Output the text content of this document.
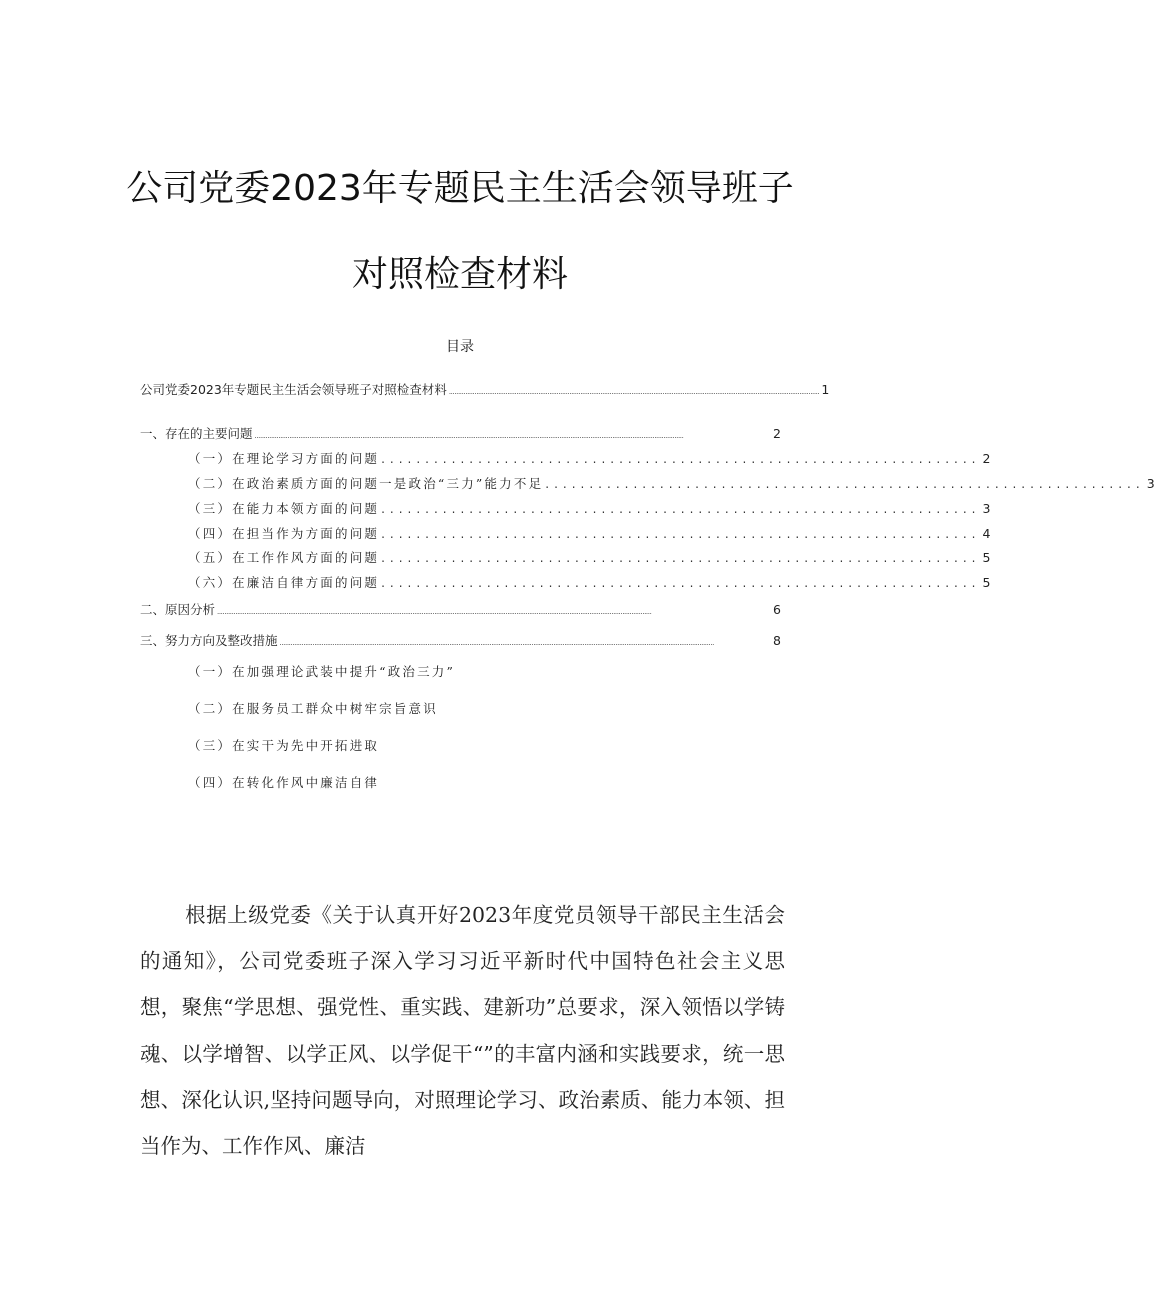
公司党委2023年专题民主生活会领导班子
对照检查材料
目录
公司党委2023年专题民主生活会领导班子对照检查材料 ........................................................................................................................................................................................................... 1
一、存在的主要问题 ...........................................................................................................................................................................................................................................	2
（一）在理论学习方面的问题 .................................................................... 2
（二）在政治素质方面的问题一是政治“三力”能力不足 .................................................................... 3
（三）在能力本领方面的问题 .................................................................... 3
（四）在担当作为方面的问题 .................................................................... 4
（五）在工作作风方面的问题 .................................................................... 5
（六）在廉洁自律方面的问题 .................................................................... 5
二、原因分析 ..............................................................................................................................................................................................................................................	6
三、努力方向及整改措施 ..............................................................................................................................................................................................................................................	8
（一）在加强理论武装中提升“政治三力”
（二）在服务员工群众中树牢宗旨意识
（三）在实干为先中开拓进取
（四）在转化作风中廉洁自律
根据上级党委《关于认真开好2023年度党员领导干部民主生活会的通知》，公司党委班子深入学习习近平新时代中国特色社会主义思想，聚焦“学思想、强党性、重实践、建新功”总要求，深入领悟以学铸魂、以学增智、以学正风、以学促干“”的丰富内涵和实践要求，统一思想、深化认识,坚持问题导向，对照理论学习、政治素质、能力本领、担当作为、工作作风、廉洁
